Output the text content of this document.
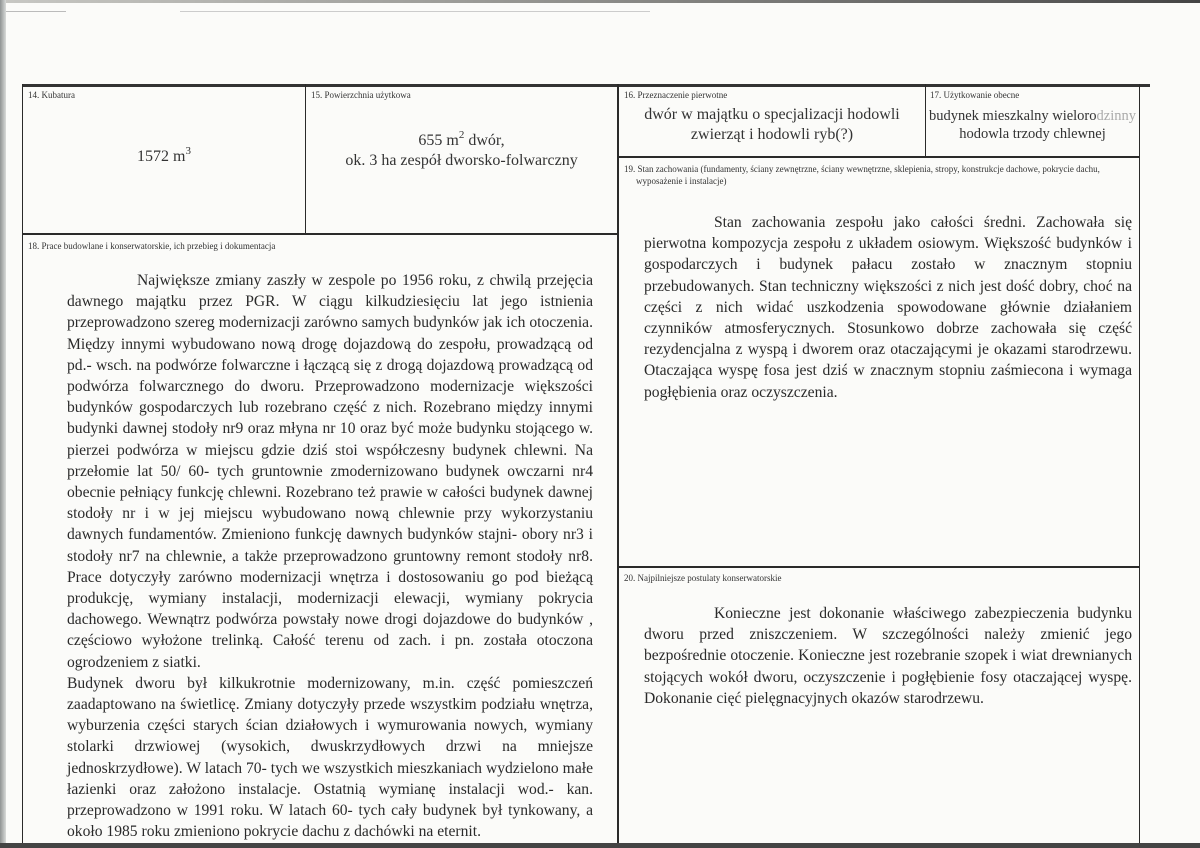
14. Kubatura
1572 $m^3$
15. Powierzchnia użytkowa
655 $m^2$ dwór,
ok. 3 ha zespół dworsko-folwarczny
16. Przeznaczenie pierwotne
dwór w majątku o specjalizacji hodowli
zwierząt i hodowli ryb(?)
17. Użytkowanie obecne
budynek mieszkalny wielorodzinny
hodowla trzody chlewnej
18. Prace budowlane i konserwatorskie, ich przebieg i dokumentacja

Największe zmiany zaszły w zespole po 1956 roku, z chwilą przejęcia dawnego majątku przez PGR. W ciągu kilkudziesięciu lat jego istnienia przeprowadzono szereg modernizacji zarówno samych budynków jak ich otoczenia. Między innymi wybudowano nową drogę dojazdową do zespołu, prowadzącą od pd.- wsch. na podwórze folwarczne i łączącą się z drogą dojazdową prowadzącą od podwórza folwarcznego do dworu. Przeprowadzono modernizacje większości budynków gospodarczych lub rozebrano część z nich. Rozebrano między innymi budynki dawnej stodoły nr9 oraz młyna nr 10 oraz być może budynku stojącego w. pierzei podwórza w miejscu gdzie dziś stoi współczesny budynek chlewni. Na przełomie lat 50/ 60- tych gruntownie zmodernizowano budynek owczarni nr4 obecnie pełniący funkcję chlewni. Rozebrano też prawie w całości budynek dawnej stodoły nr i w jej miejscu wybudowano nową chlewnie przy wykorzystaniu dawnych fundamentów. Zmieniono funkcję dawnych budynków stajni- obory nr3 i stodoły nr7 na chlewnie, a także przeprowadzono gruntowny remont stodoły nr8. Prace dotyczyły zarówno modernizacji wnętrza i dostosowaniu go pod bieżącą produkcję, wymiany instalacji, modernizacji elewacji, wymiany pokrycia dachowego. Wewnątrz podwórza powstały nowe drogi dojazdowe do budynków , częściowo wyłożone trelinką. Całość terenu od zach. i pn. została otoczona ogrodzeniem z siatki.

Budynek dworu był kilkukrotnie modernizowany, m.in. część pomieszczeń zaadaptowano na świetlicę. Zmiany dotyczyły przede wszystkim podziału wnętrza, wyburzenia części starych ścian działowych i wymurowania nowych, wymiany stolarki drzwiowej (wysokich, dwuskrzydłowych drzwi na mniejsze jednoskrzydłowe). W latach 70- tych we wszystkich mieszkaniach wydzielono małe łazienki oraz założono instalacje. Ostatnią wymianę instalacji wod.- kan. przeprowadzono w 1991 roku. W latach 60- tych cały budynek był tynkowany, a około 1985 roku zmieniono pokrycie dachu z dachówki na eternit.

19. Stan zachowania (fundamenty, ściany zewnętrzne, ściany wewnętrzne, sklepienia, stropy, konstrukcje dachowe, pokrycie dachu, wyposażenie i instalacje)

Stan zachowania zespołu jako całości średni. Zachowała się pierwotna kompozycja zespołu z układem osiowym. Większość budynków i gospodarczych i budynek pałacu zostało w znacznym stopniu przebudowanych. Stan techniczny większości z nich jest dość dobry, choć na części z nich widać uszkodzenia spowodowane głównie działaniem czynników atmosferycznych. Stosunkowo dobrze zachowała się część rezydencjalna z wyspą i dworem oraz otaczającymi je okazami starodrzewu. Otaczająca wyspę fosa jest dziś w znacznym stopniu zaśmiecona i wymaga pogłębienia oraz oczyszczenia.

20. Najpilniejsze postulaty konserwatorskie

Konieczne jest dokonanie właściwego zabezpieczenia budynku dworu przed zniszczeniem. W szczególności należy zmienić jego bezpośrednie otoczenie. Konieczne jest rozebranie szopek i wiat drewnianych stojących wokół dworu, oczyszczenie i pogłębienie fosy otaczającej wyspę. Dokonanie cięć pielęgnacyjnych okazów starodrzewu.
